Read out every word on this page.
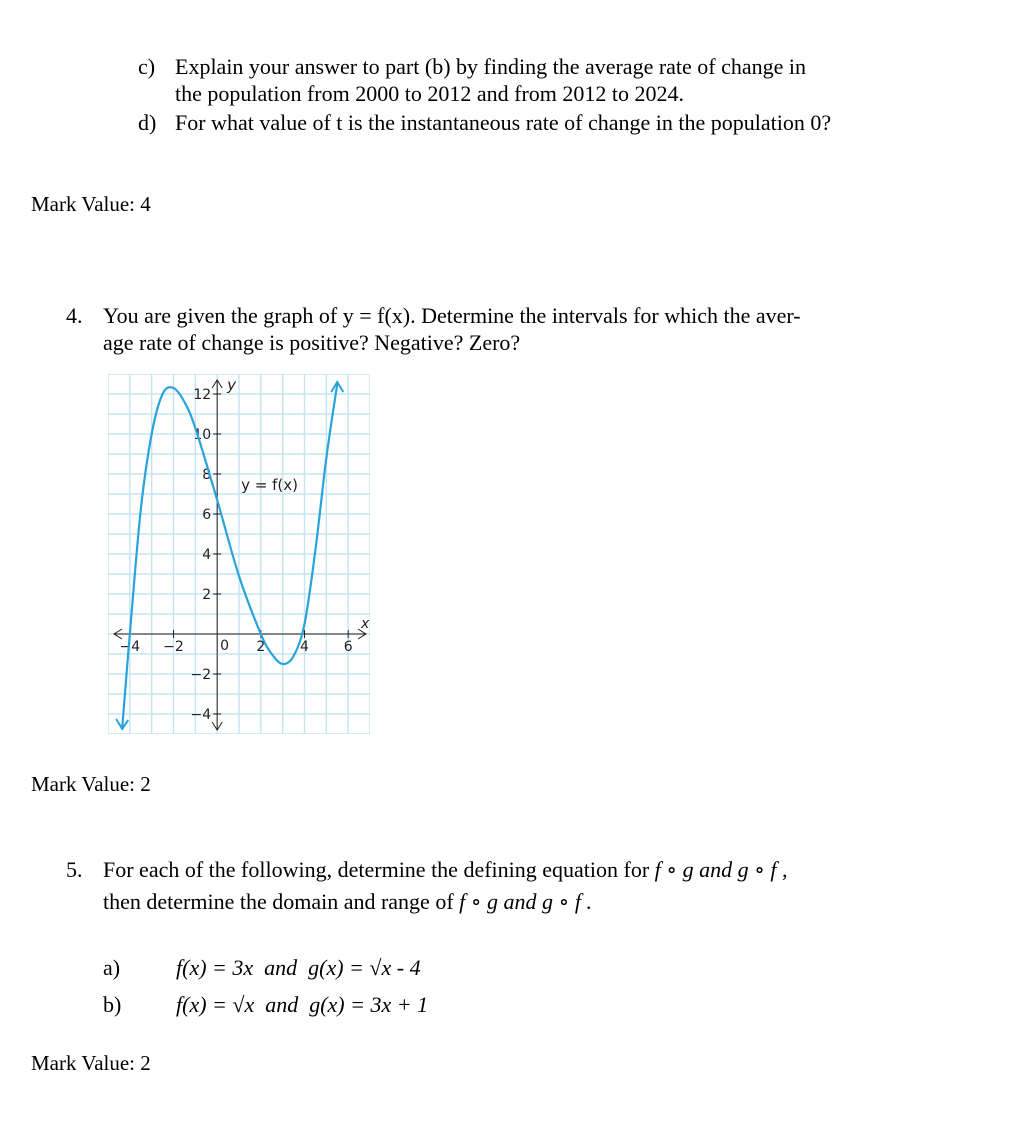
c) Explain your answer to part (b) by finding the average rate of change in
the population from 2000 to 2012 and from 2012 to 2024.
d) For what value of t is the instantaneous rate of change in the population 0?
Mark Value: 4
4. You are given the graph of y = f(x). Determine the intervals for which the aver-
age rate of change is positive? Negative? Zero?
−4 −2	0 2 4 6
12
10
8
6
4
2
−2
−4
x
y
y = f(x)
Mark Value: 2
5. For each of the following, determine the defining equation for f ∘ g and g ∘ f ,
then determine the domain and range of f ∘ g and g ∘ f .
a)	f(x) = 3x and g(x) = √x - 4
b) f(x) = √x and g(x) = 3x + 1
Mark Value: 2
